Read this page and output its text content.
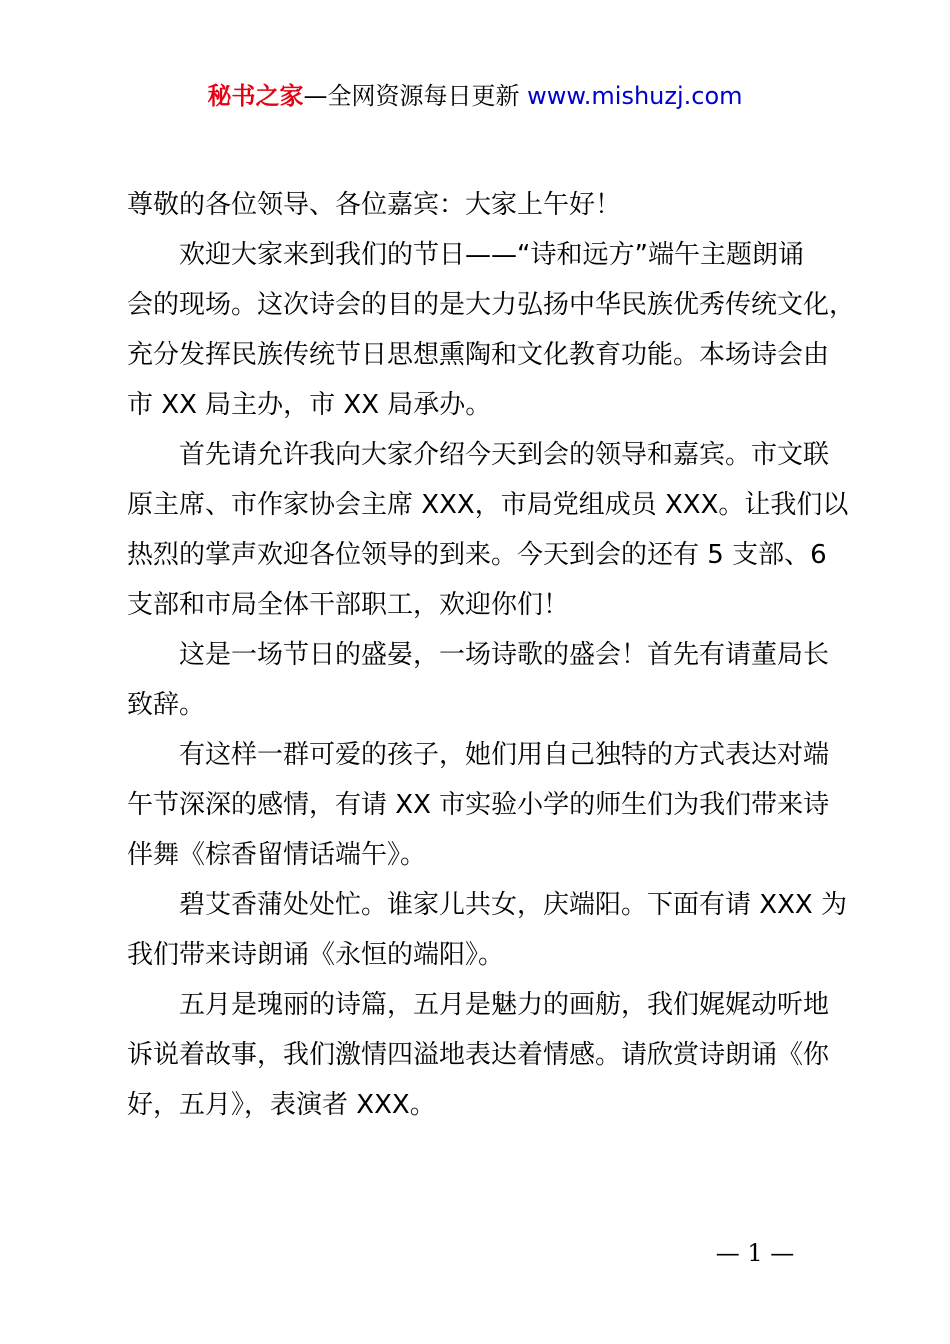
秘书之家—全网资源每日更新 www.mishuzj.com
尊敬的各位领导、各位嘉宾：大家上午好！
欢迎大家来到我们的节日——“诗和远方”端午主题朗诵
会的现场。这次诗会的目的是大力弘扬中华民族优秀传统文化，
充分发挥民族传统节日思想熏陶和文化教育功能。本场诗会由
市 XX 局主办，市 XX 局承办。
首先请允许我向大家介绍今天到会的领导和嘉宾。市文联
原主席、市作家协会主席 XXX，市局党组成员 XXX。让我们以
热烈的掌声欢迎各位领导的到来。今天到会的还有 5 支部、6
支部和市局全体干部职工，欢迎你们！
这是一场节日的盛晏，一场诗歌的盛会！首先有请董局长
致辞。
有这样一群可爱的孩子，她们用自己独特的方式表达对端
午节深深的感情，有请 XX 市实验小学的师生们为我们带来诗
伴舞《棕香留情话端午》。
碧艾香蒲处处忙。谁家儿共女，庆端阳。下面有请 XXX 为
我们带来诗朗诵《永恒的端阳》。
五月是瑰丽的诗篇，五月是魅力的画舫，我们娓娓动听地
诉说着故事，我们激情四溢地表达着情感。请欣赏诗朗诵《你
好，五月》，表演者 XXX。
— 1 —
